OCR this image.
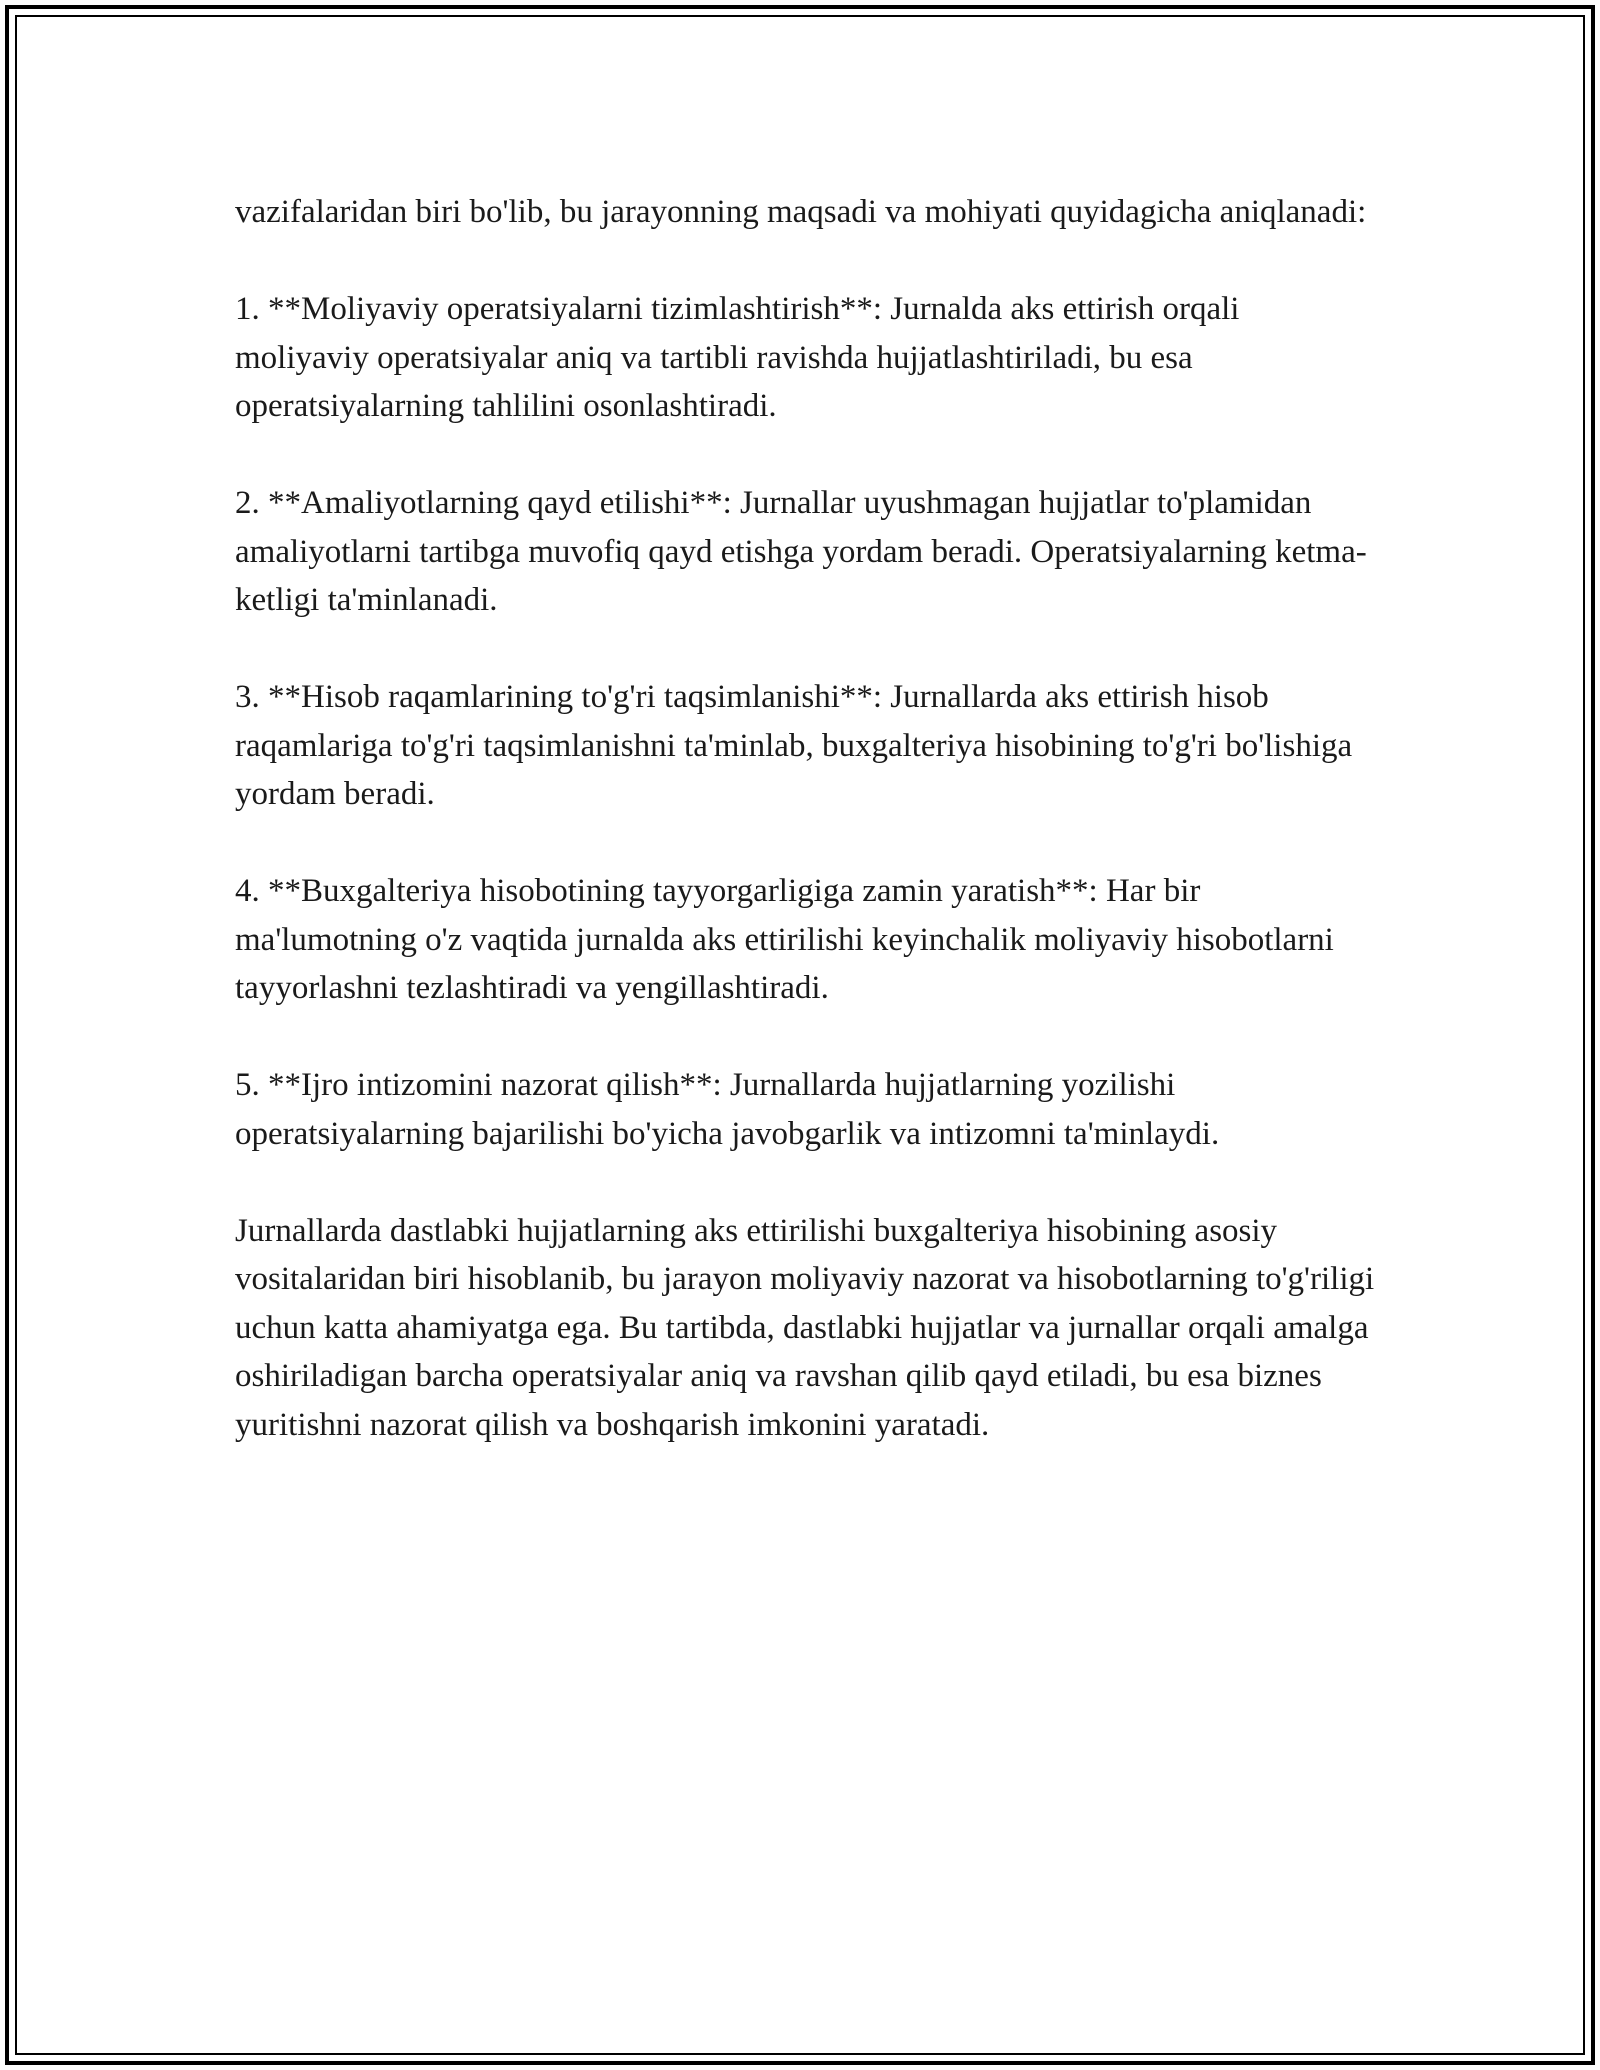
vazifalaridan biri bo'lib, bu jarayonning maqsadi va mohiyati quyidagicha aniqlanadi:

1. **Moliyaviy operatsiyalarni tizimlashtirish**: Jurnalda aks ettirish orqali moliyaviy operatsiyalar aniq va tartibli ravishda hujjatlashtiriladi, bu esa operatsiyalarning tahlilini osonlashtiradi.

2. **Amaliyotlarning qayd etilishi**: Jurnallar uyushmagan hujjatlar to'plamidan amaliyotlarni tartibga muvofiq qayd etishga yordam beradi. Operatsiyalarning ketma-ketligi ta'minlanadi.

3. **Hisob raqamlarining to'g'ri taqsimlanishi**: Jurnallarda aks ettirish hisob raqamlariga to'g'ri taqsimlanishni ta'minlab, buxgalteriya hisobining to'g'ri bo'lishiga yordam beradi.

4. **Buxgalteriya hisobotining tayyorgarligiga zamin yaratish**: Har bir ma'lumotning o'z vaqtida jurnalda aks ettirilishi keyinchalik moliyaviy hisobotlarni tayyorlashni tezlashtiradi va yengillashtiradi.

5. **Ijro intizomini nazorat qilish**: Jurnallarda hujjatlarning yozilishi operatsiyalarning bajarilishi bo'yicha javobgarlik va intizomni ta'minlaydi.

Jurnallarda dastlabki hujjatlarning aks ettirilishi buxgalteriya hisobining asosiy vositalaridan biri hisoblanib, bu jarayon moliyaviy nazorat va hisobotlarning to'g'riligi uchun katta ahamiyatga ega. Bu tartibda, dastlabki hujjatlar va jurnallar orqali amalga oshiriladigan barcha operatsiyalar aniq va ravshan qilib qayd etiladi, bu esa biznes yuritishni nazorat qilish va boshqarish imkonini yaratadi.
